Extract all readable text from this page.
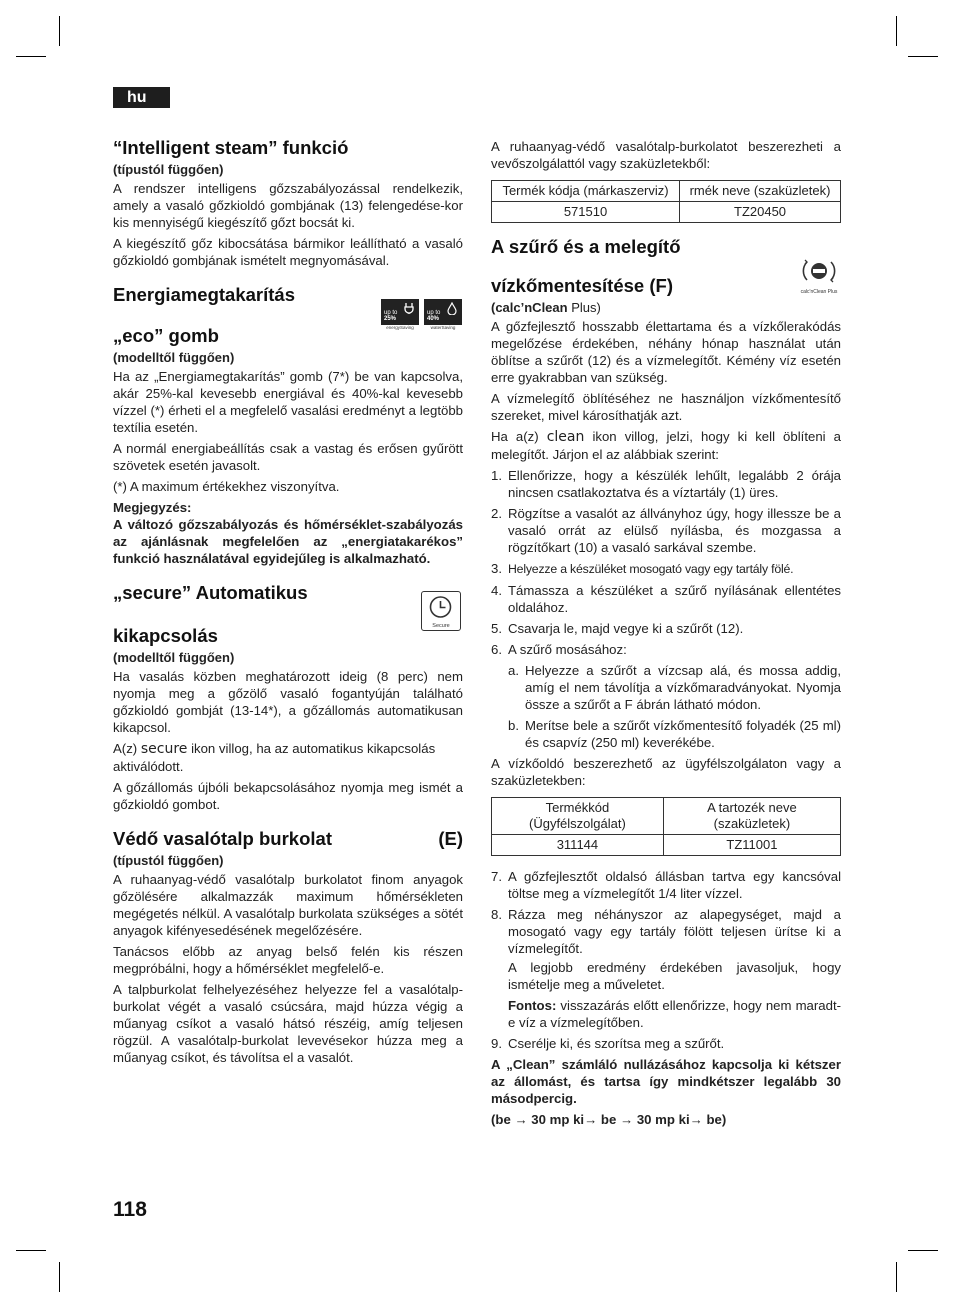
hu
“Intelligent steam” funkció
(típustól függően)

A rendszer intelligens gőzszabályozással rendelkezik, amely a vasaló gőzkioldó gombjának (13) felengedése-kor kis mennyiségű kiegészítő gőzt bocsát ki.

A kiegészítő gőz kibocsátása bármikor leállítható a vasaló gőzkioldó gombjának ismételt megnyomásával.

Energiamegtakarítás
„eco” gomb
up to
25%
energySaving
up to
40%
waterSaving
(modelltől függően)

Ha az „Energiamegtakarítás” gomb (7*) be van kapcsolva, akár 25%-kal kevesebb energiával és 40%-kal kevesebb vízzel (*) érheti el a megfelelő vasalási eredményt a legtöbb textília esetén.

A normál energiabeállítás csak a vastag és erősen gyűrött szövetek esetén javasolt.

(*) A maximum értékekhez viszonyítva.

Megjegyzés:

A változó gőzszabályozás és hőmérséklet-szabályozás az ajánlásnak megfelelően az „energiatakarékos” funkció használatával egyidejűleg is alkalmazható.

„secure” Automatikus
kikapcsolás	Secure
(modelltől függően)

Ha vasalás közben meghatározott ideig (8 perc) nem nyomja meg a gőzölő vasaló fogantyúján található gőzkioldó gombját (13-14*), a gőzállomás automatikusan kikapcsol.

A(z) secure ikon villog, ha az automatikus kikapcsolás aktiválódott.

A gőzállomás újbóli bekapcsolásához nyomja meg ismét a gőzkioldó gombot.

Védő vasalótalp burkolat	(E)
(típustól függően)

A ruhaanyag-védő vasalótalp burkolatot finom anyagok gőzölésére alkalmazzák maximum hőmérsékleten megégetés nélkül. A vasalótalp burkolata szükséges a sötét anyagok kifényesedésének megelőzésére.

Tanácsos előbb az anyag belső felén kis részen megpróbálni, hogy a hőmérséklet megfelelő-e.

A talpburkolat felhelyezéséhez helyezze fel a vasalótalp-burkolat végét a vasaló csúcsára, majd húzza végig a műanyag csíkot a vasaló hátsó részéig, amíg teljesen rögzül. A vasalótalp-burkolat levevésekor húzza meg a műanyag csíkot, és távolítsa el a vasalót.

A ruhaanyag-védő vasalótalp-burkolatot beszerezheti a vevőszolgálattól vagy szaküzletekből:

Termék kódja (márkaszerviz)	rmék neve (szaküzletek)
571510	TZ20450
A szűrő és a melegítő
vízkőmentesítése (F)	calc'nClean Plus
(calc’nClean Plus)

A gőzfejlesztő hosszabb élettartama és a vízkőlerakódás megelőzése érdekében, néhány hónap használat után öblítse a szűrőt (12) és a vízmelegítőt. Kémény víz esetén erre gyakrabban van szükség.

A vízmelegítő öblítéséhez ne használjon vízkőmentesítő szereket, mivel károsíthatják azt.

Ha a(z) clean ikon villog, jelzi, hogy ki kell öblíteni a melegítőt. Járjon el az alábbiak szerint:

1. Ellenőrizze, hogy a készülék lehűlt, legalább 2 órája nincsen csatlakoztatva és a víztartály (1) üres.
2. Rögzítse a vasalót az állványhoz úgy, hogy illessze be a vasaló orrát az elülső nyílásba, és mozgassa a rögzítőkart (10) a vasaló sarkával szembe.
3. Helyezze a készüléket mosogató vagy egy tartály fölé.
4. Támassza a készüléket a szűrő nyílásának ellentétes oldalához.
5. Csavarja le, majd vegye ki a szűrőt (12).
6. A szűrő mosásához:
a. Helyezze a szűrőt a vízcsap alá, és mossa addig, amíg el nem távolítja a vízkőmaradványokat. Nyomja össze a szűrőt a F ábrán látható módon.
b. Merítse bele a szűrőt vízkőmentesítő folyadék (25 ml) és csapvíz (250 ml) keverékébe.

A vízkőoldó beszerezhető az ügyfélszolgálaton vagy a szaküzletekben:

Termékkód (Ügyfélszolgálat)	A tartozék neve (szaküzletek)
311144	TZ11001
7. A gőzfejlesztőt oldalsó állásban tartva egy kancsóval töltse meg a vízmelegítőt 1/4 liter vízzel.
8. Rázza meg néhányszor az alapegységet, majd a mosogató vagy egy tartály fölött teljesen ürítse ki a vízmelegítőt.

A legjobb eredmény érdekében javasoljuk, hogy ismételje meg a műveletet.

Fontos: visszazárás előtt ellenőrizze, hogy nem maradt-e víz a vízmelegítőben.

9. Cserélje ki, és szorítsa meg a szűrőt.

A „Clean” számláló nullázásához kapcsolja ki kétszer az állomást, és tartsa így mindkétszer legalább 30 másodpercig.

(be → 30 mp ki→ be → 30 mp ki→ be)

118
